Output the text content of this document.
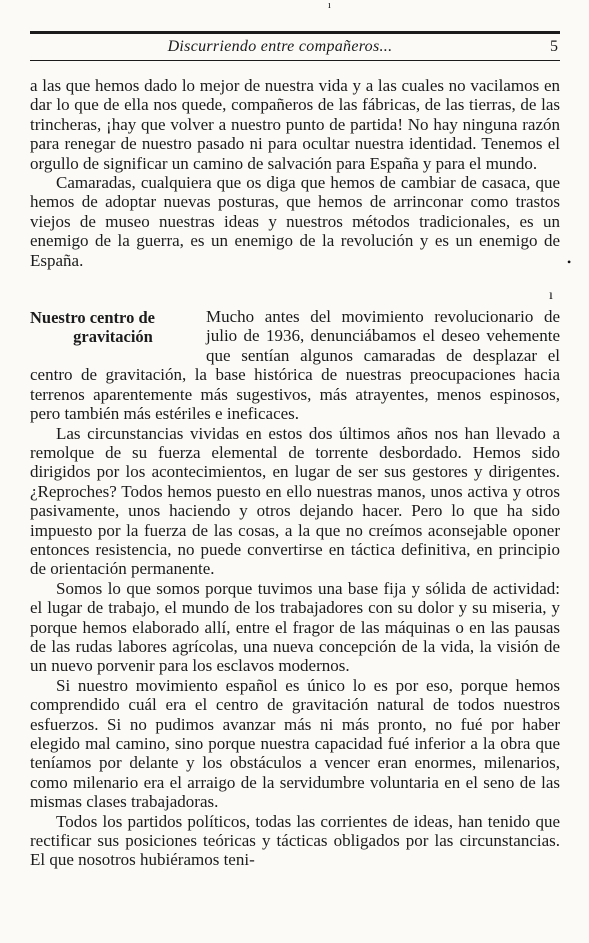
Discurriendo entre compañeros...	5

a las que hemos dado lo mejor de nuestra vida y a las cuales no vacilamos en dar lo que de ella nos quede, compañeros de las fábricas, de las tierras, de las trincheras, ¡hay que volver a nuestro punto de partida! No hay ninguna razón para renegar de nuestro pasado ni para ocultar nuestra identidad. Tenemos el orgullo de significar un camino de salvación para España y para el mundo.

Camaradas, cualquiera que os diga que hemos de cambiar de casaca, que hemos de adoptar nuevas posturas, que hemos de arrinconar como trastos viejos de museo nuestras ideas y nuestros métodos tradicionales, es un enemigo de la guerra, es un enemigo de la revolución y es un enemigo de España.

Nuestro centro de
gravitación

Mucho antes del movimiento revolucionario de julio de 1936, denunciábamos el deseo vehemente que sentían algunos camaradas de desplazar el centro de gravitación, la base histórica de nuestras preocupaciones hacia terrenos aparentemente más sugestivos, más atrayentes, menos espinosos, pero también más estériles e ineficaces.

Las circunstancias vividas en estos dos últimos años nos han llevado a remolque de su fuerza elemental de torrente desbordado. Hemos sido dirigidos por los acontecimientos, en lugar de ser sus gestores y dirigentes. ¿Reproches? Todos hemos puesto en ello nuestras manos, unos activa y otros pasivamente, unos haciendo y otros dejando hacer. Pero lo que ha sido impuesto por la fuerza de las cosas, a la que no creímos aconsejable oponer entonces resistencia, no puede convertirse en táctica definitiva, en principio de orientación permanente.

Somos lo que somos porque tuvimos una base fija y sólida de actividad: el lugar de trabajo, el mundo de los trabajadores con su dolor y su miseria, y porque hemos elaborado allí, entre el fragor de las máquinas o en las pausas de las rudas labores agrícolas, una nueva concepción de la vida, la visión de un nuevo porvenir para los esclavos modernos.

Si nuestro movimiento español es único lo es por eso, porque hemos comprendido cuál era el centro de gravitación natural de todos nuestros esfuerzos. Si no pudimos avanzar más ni más pronto, no fué por haber elegido mal camino, sino porque nuestra capacidad fué inferior a la obra que teníamos por delante y los obstáculos a vencer eran enormes, milenarios, como milenario era el arraigo de la servidumbre voluntaria en el seno de las mismas clases trabajadoras.

Todos los partidos políticos, todas las corrientes de ideas, han tenido que rectificar sus posiciones teóricas y tácticas obligados por las circunstancias. El que nosotros hubiéramos teni-

ı
•
ı
